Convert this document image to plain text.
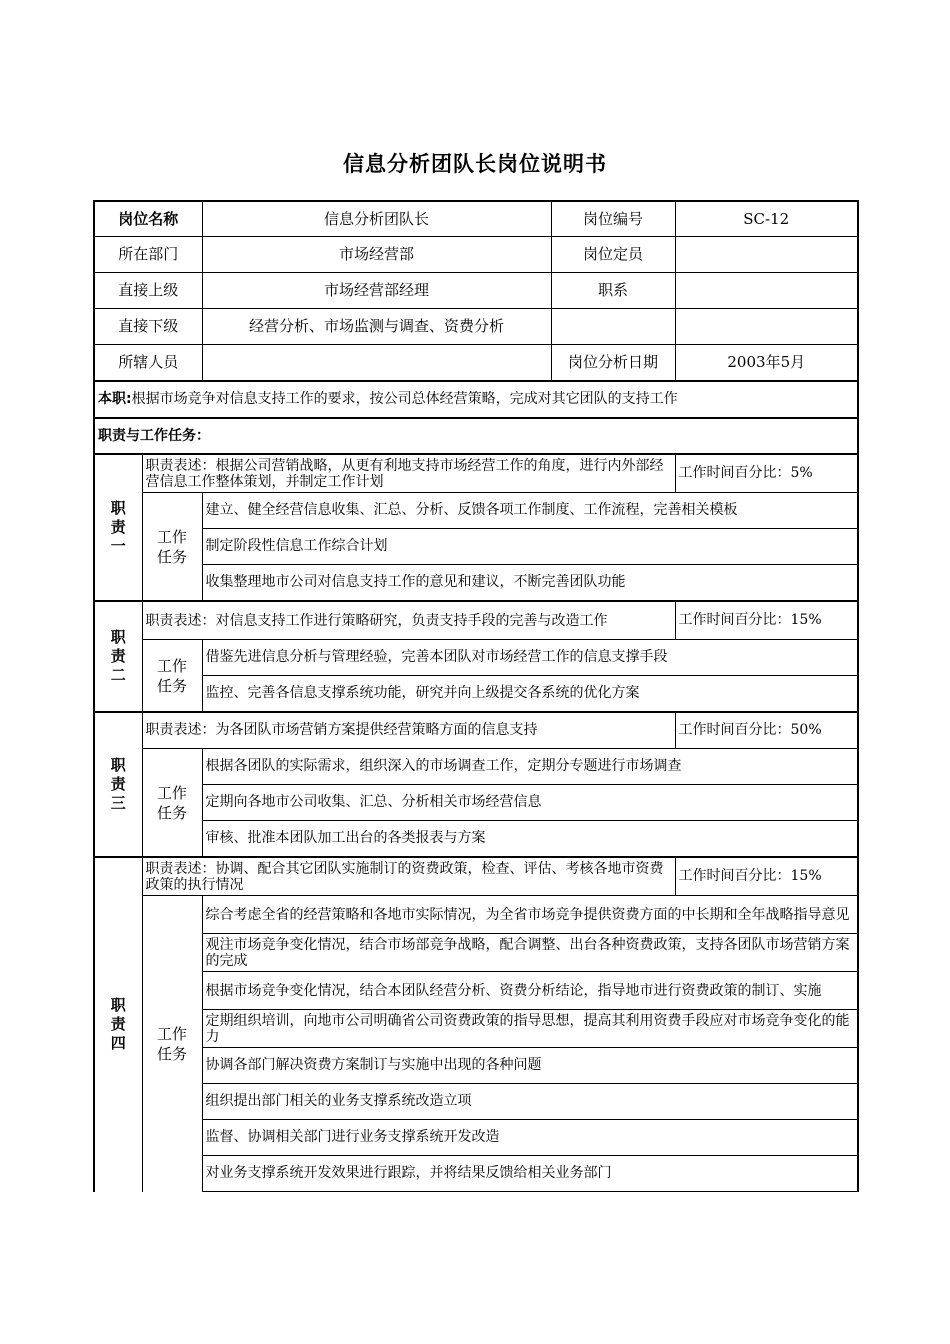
信息分析团队长岗位说明书
岗位名称	信息分析团队长	岗位编号	SC-12
所在部门	市场经营部	岗位定员	
直接上级	市场经营部经理	职系	
直接下级	经营分析、市场监测与调查、资费分析		
所辖人员		岗位分析日期	2003年5月
本职:根据市场竞争对信息支持工作的要求，按公司总体经营策略，完成对其它团队的支持工作			
职责与工作任务：			

职
责
一	职责表述：根据公司营销战略，从更有利地支持市场经营工作的角度，进行内外部经营信息工作整体策划，并制定工作计划		工作时间百分比：5%

	工作
任务	建立、健全经营信息收集、汇总、分析、反馈各项工作制度、工作流程，完善相关模板	
		制定阶段性信息工作综合计划	
		收集整理地市公司对信息支持工作的意见和建议，不断完善团队功能	

职
责
二	职责表述：对信息支持工作进行策略研究，负责支持手段的完善与改造工作		工作时间百分比：15%

	工作
任务	借鉴先进信息分析与管理经验，完善本团队对市场经营工作的信息支撑手段	
		监控、完善各信息支撑系统功能，研究并向上级提交各系统的优化方案	

职
责
三	职责表述：为各团队市场营销方案提供经营策略方面的信息支持		工作时间百分比：50%

	工作
任务	根据各团队的实际需求，组织深入的市场调查工作，定期分专题进行市场调查	
		定期向各地市公司收集、汇总、分析相关市场经营信息	
		审核、批准本团队加工出台的各类报表与方案	

职
责
四	职责表述：协调、配合其它团队实施制订的资费政策，检查、评估、考核各地市资费政策的执行情况		工作时间百分比：15%

	工作
任务	综合考虑全省的经营策略和各地市实际情况，为全省市场竞争提供资费方面的中长期和全年战略指导意见	
		观注市场竞争变化情况，结合市场部竞争战略，配合调整、出台各种资费政策，支持各团队市场营销方案的完成	
		根据市场竞争变化情况，结合本团队经营分析、资费分析结论，指导地市进行资费政策的制订、实施	
		定期组织培训，向地市公司明确省公司资费政策的指导思想，提高其利用资费手段应对市场竞争变化的能力	
		协调各部门解决资费方案制订与实施中出现的各种问题	
		组织提出部门相关的业务支撑系统改造立项	
		监督、协调相关部门进行业务支撑系统开发改造	
		对业务支撑系统开发效果进行跟踪，并将结果反馈给相关业务部门	
